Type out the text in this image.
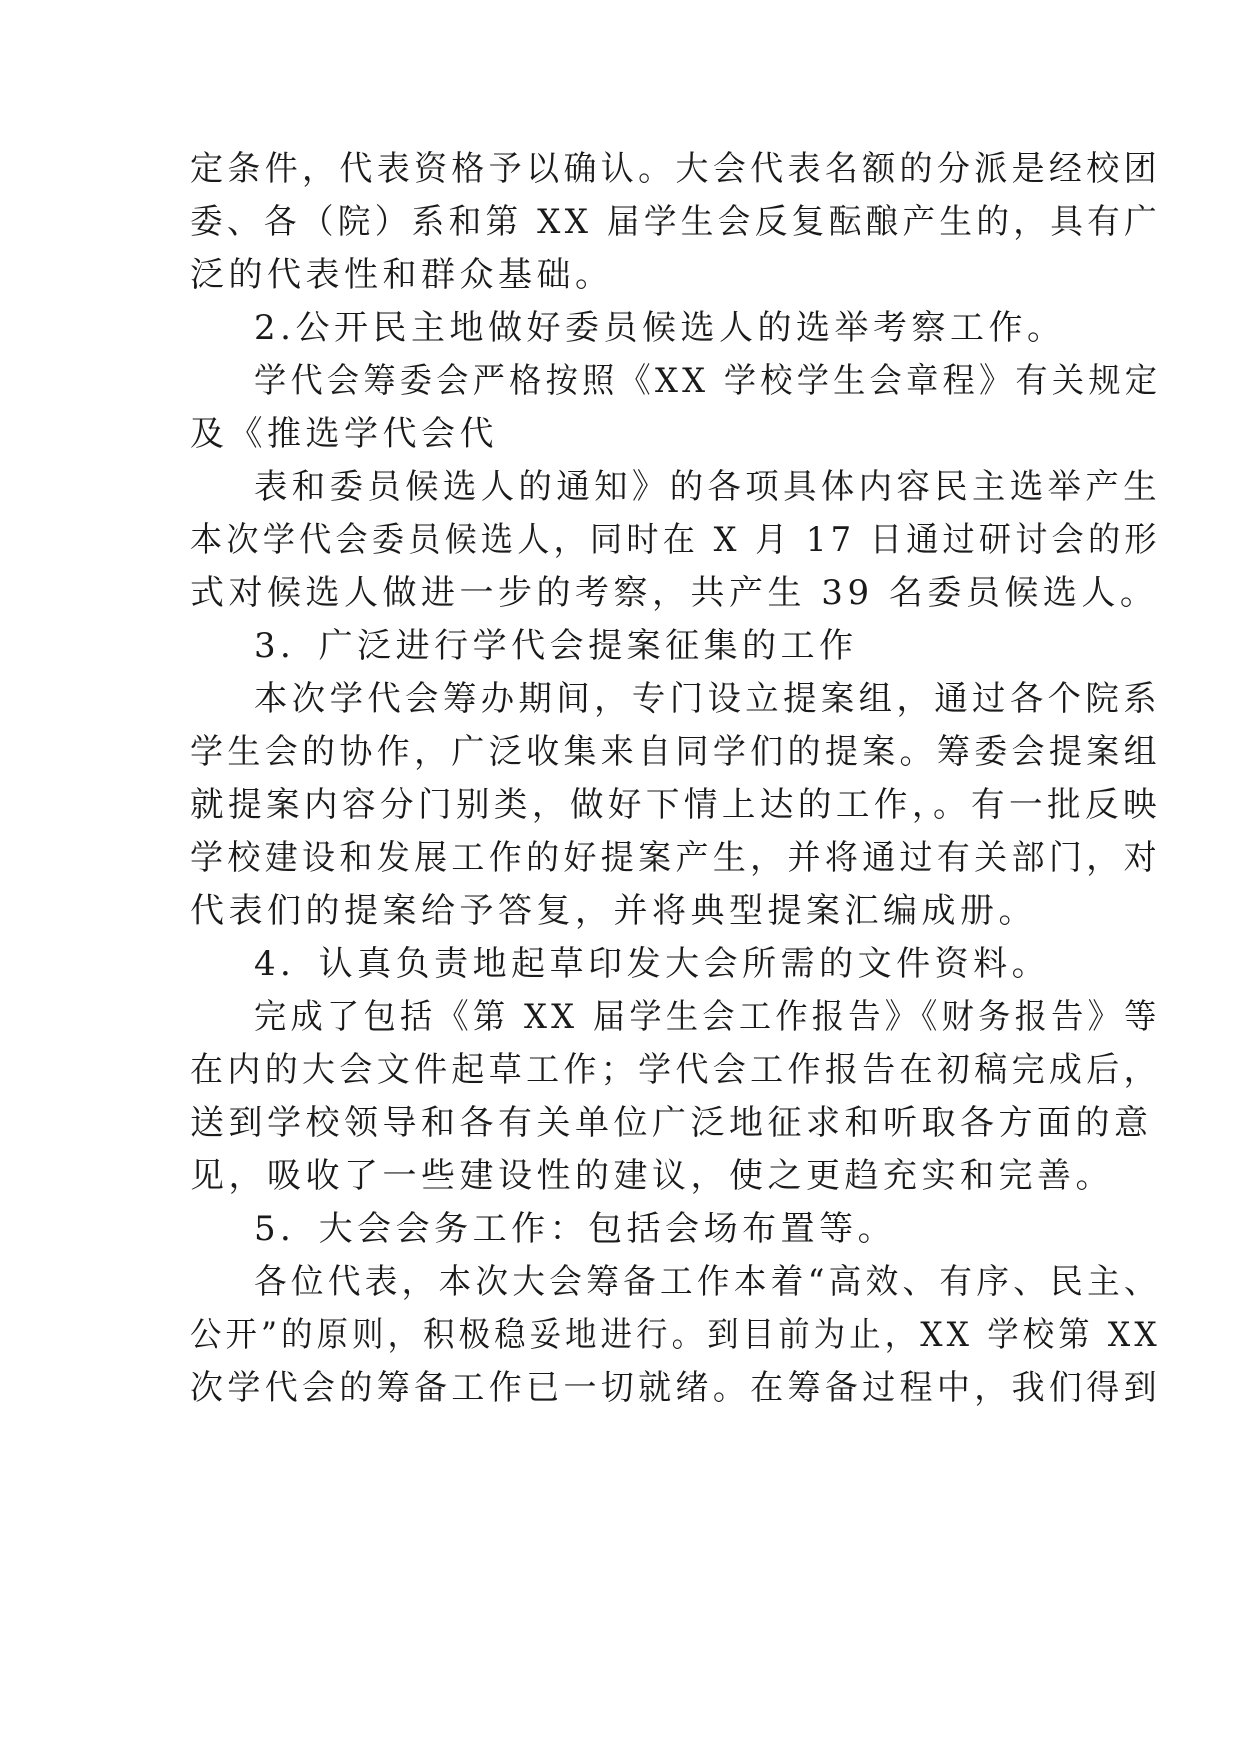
定条件，代表资格予以确认。大会代表名额的分派是经校团
委、各（院）系和第 XX 届学生会反复酝酿产生的，具有广
泛的代表性和群众基础。
2.公开民主地做好委员候选人的选举考察工作。
学代会筹委会严格按照《XX 学校学生会章程》有关规定
及《推选学代会代
表和委员候选人的通知》的各项具体内容民主选举产生
本次学代会委员候选人，同时在 X 月 17 日通过研讨会的形
式对候选人做进一步的考察，共产生 39 名委员候选人。
3．广泛进行学代会提案征集的工作
本次学代会筹办期间，专门设立提案组，通过各个院系
学生会的协作，广泛收集来自同学们的提案。筹委会提案组
就提案内容分门别类，做好下情上达的工作，。有一批反映
学校建设和发展工作的好提案产生，并将通过有关部门，对
代表们的提案给予答复，并将典型提案汇编成册。
4．认真负责地起草印发大会所需的文件资料。
完成了包括《第 XX 届学生会工作报告》《财务报告》等
在内的大会文件起草工作；学代会工作报告在初稿完成后，
送到学校领导和各有关单位广泛地征求和听取各方面的意
见，吸收了一些建设性的建议，使之更趋充实和完善。
5．大会会务工作：包括会场布置等。
各位代表，本次大会筹备工作本着“高效、有序、民主、
公开”的原则，积极稳妥地进行。到目前为止，XX 学校第 XX
次学代会的筹备工作已一切就绪。在筹备过程中，我们得到
